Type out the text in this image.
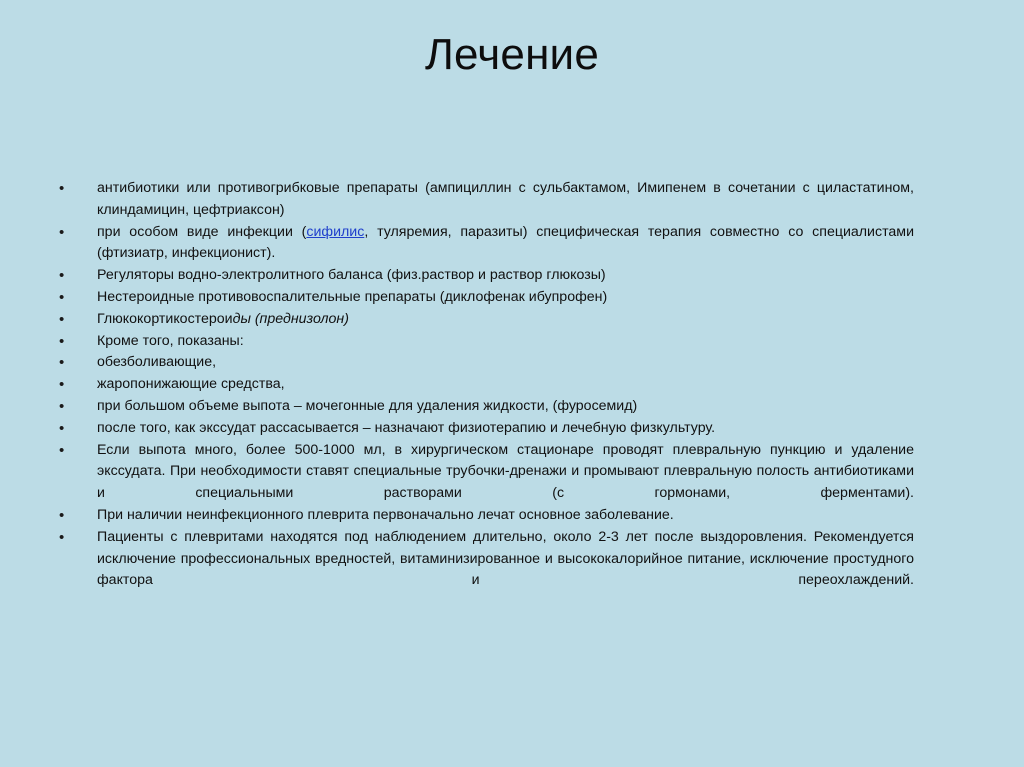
Лечение
•	антибиотики или противогрибковые препараты (ампициллин с сульбактамом, Имипенем в сочетании с циластатином, клиндамицин, цефтриаксон)
•	при особом виде инфекции (сифилис, туляремия, паразиты) специфическая терапия совместно со специалистами (фтизиатр, инфекционист).
•	Регуляторы водно-электролитного баланса (физ.раствор и раствор глюкозы)
•	Нестероидные противовоспалительные препараты (диклофенак ибупрофен)
•	Глюкокортикостероиды (преднизолон)
•	Кроме того, показаны:
•	обезболивающие,
•	жаропонижающие средства,
•	при большом объеме выпота – мочегонные для удаления жидкости, (фуросемид)
•	после того, как экссудат рассасывается – назначают физиотерапию и лечебную физкультуру.
•	Если выпота много, более 500-1000 мл, в хирургическом стационаре проводят плевральную пункцию и удаление экссудата. При необходимости ставят специальные трубочки-дренажи и промывают плевральную полость антибиотиками и специальными растворами (с гормонами, ферментами).
•	При наличии неинфекционного плеврита первоначально лечат основное заболевание.
•	Пациенты с плевритами находятся под наблюдением длительно, около 2-3 лет после выздоровления. Рекомендуется исключение профессиональных вредностей, витаминизированное и высококалорийное питание, исключение простудного фактора и переохлаждений.
